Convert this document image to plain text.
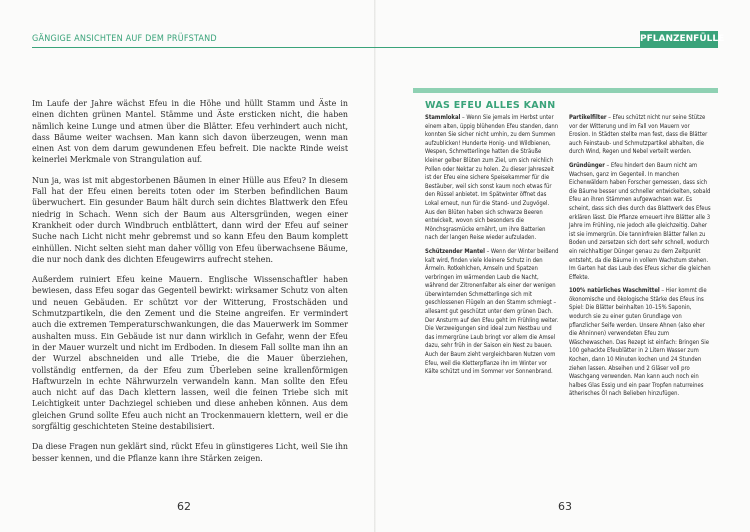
GÄNGIGE ANSICHTEN AUF DEM PRÜFSTAND	PFLANZENFÜLLE

Im Laufe der Jahre wächst Efeu in die Höhe und hüllt Stamm und Äste in einen dichten grünen Mantel. Stämme und Äste ersticken nicht, die haben nämlich keine Lunge und atmen über die Blätter. Efeu verhindert auch nicht, dass Bäume weiter wachsen. Man kann sich davon überzeugen, wenn man einen Ast von dem darum gewundenen Efeu befreit. Die nackte Rinde weist keinerlei Merkmale von Strangulation auf.

Nun ja, was ist mit abgestorbenen Bäumen in einer Hülle aus Efeu? In diesem Fall hat der Efeu einen bereits toten oder im Sterben befindlichen Baum überwuchert. Ein gesunder Baum hält durch sein dichtes Blattwerk den Efeu niedrig in Schach. Wenn sich der Baum aus Altersgründen, wegen einer Krankheit oder durch Windbruch entblättert, dann wird der Efeu auf seiner Suche nach Licht nicht mehr gebremst und so kann Efeu den Baum komplett einhüllen. Nicht selten sieht man daher völlig von Efeu überwachsene Bäume, die nur noch dank des dichten Efeugewirrs aufrecht stehen.

Außerdem ruiniert Efeu keine Mauern. Englische Wissenschaftler haben bewiesen, dass Efeu sogar das Gegenteil bewirkt: wirksamer Schutz von alten und neuen Gebäuden. Er schützt vor der Witterung, Frostschäden und Schmutzpartikeln, die den Zement und die Steine angreifen. Er vermindert auch die extremen Temperaturschwankungen, die das Mauerwerk im Sommer aushalten muss. Ein Gebäude ist nur dann wirklich in Gefahr, wenn der Efeu in der Mauer wurzelt und nicht im Erdboden. In diesem Fall sollte man ihn an der Wurzel abschneiden und alle Triebe, die die Mauer überziehen, vollständig entfernen, da der Efeu zum Überleben seine krallenförmigen Haftwurzeln in echte Nährwurzeln verwandeln kann. Man sollte den Efeu auch nicht auf das Dach klettern lassen, weil die feinen Triebe sich mit Leichtigkeit unter Dachziegel schieben und diese anheben können. Aus dem gleichen Grund sollte Efeu auch nicht an Trockenmauern klettern, weil er die sorgfältig geschichteten Steine destabilisiert.

Da diese Fragen nun geklärt sind, rückt Efeu in günstigeres Licht, weil Sie ihn besser kennen, und die Pflanze kann ihre Stärken zeigen.

WAS EFEU ALLES KANN

Stammlokal – Wenn Sie jemals im Herbst unter einem alten, üppig blühenden Efeu standen, dann konnten Sie sicher nicht umhin, zu dem Summen aufzublicken! Hunderte Honig- und Wildbienen, Wespen, Schmetterlinge hatten die Sträuße kleiner gelber Blüten zum Ziel, um sich reichlich Pollen oder Nektar zu holen. Zu dieser Jahreszeit ist der Efeu eine sichere Speisekammer für die Bestäuber, weil sich sonst kaum noch etwas für den Rüssel anbietet. Im Spätwinter öffnet das Lokal erneut, nun für die Stand- und Zugvögel. Aus den Blüten haben sich schwarze Beeren entwickelt, wovon sich besonders die Mönchsgrasmücke ernährt, um ihre Batterien nach der langen Reise wieder aufzuladen.

Schützender Mantel – Wenn der Winter beißend kalt wird, finden viele kleinere Schutz in den Ärmeln. Rotkehlchen, Amseln und Spatzen verbringen im wärmenden Laub die Nacht, während der Zitronenfalter als einer der wenigen überwinternden Schmetterlinge sich mit geschlossenen Flügeln an den Stamm schmiegt – allesamt gut geschützt unter dem grünen Dach. Der Ansturm auf den Efeu geht im Frühling weiter. Die Verzweigungen sind ideal zum Nestbau und das immergrüne Laub bringt vor allem die Amsel dazu, sehr früh in der Saison ein Nest zu bauen. Auch der Baum zieht vergleichbaren Nutzen vom Efeu, weil die Kletterpflanze ihn im Winter vor Kälte schützt und im Sommer vor Sonnenbrand.

Partikelfilter – Efeu schützt nicht nur seine Stütze vor der Witterung und im Fall von Mauern vor Erosion. In Städten stellte man fest, dass die Blätter auch Feinstaub- und Schmutzpartikel abhalten, die durch Wind, Regen und Nebel verteilt werden.

Gründünger – Efeu hindert den Baum nicht am Wachsen, ganz im Gegenteil. In manchen Eichenwäldern haben Forscher gemessen, dass sich die Bäume besser und schneller entwickelten, sobald Efeu an ihren Stämmen aufgewachsen war. Es scheint, dass sich dies durch das Blattwerk des Efeus erklären lässt. Die Pflanze erneuert ihre Blätter alle 3 Jahre im Frühling, nie jedoch alle gleichzeitig. Daher ist sie immergrün. Die tanninfreien Blätter fallen zu Boden und zersetzen sich dort sehr schnell, wodurch ein reichhaltiger Dünger genau zu dem Zeitpunkt entsteht, da die Bäume in vollem Wachstum stehen. Im Garten hat das Laub des Efeus sicher die gleichen Effekte.

100% natürliches Waschmittel – Hier kommt die ökonomische und ökologische Stärke des Efeus ins Spiel: Die Blätter beinhalten 10–15% Saponin, wodurch sie zu einer guten Grundlage von pflanzlicher Seife werden. Unsere Ahnen (also eher die Ahninnen) verwendeten Efeu zum Wäschewaschen. Das Rezept ist einfach: Bringen Sie 100 gehackte Efeublätter in 2 Litern Wasser zum Kochen, dann 10 Minuten kochen und 24 Stunden ziehen lassen. Abseihen und 2 Gläser voll pro Waschgang verwenden. Man kann auch noch ein halbes Glas Essig und ein paar Tropfen naturreines ätherisches Öl nach Belieben hinzufügen.

62	63
